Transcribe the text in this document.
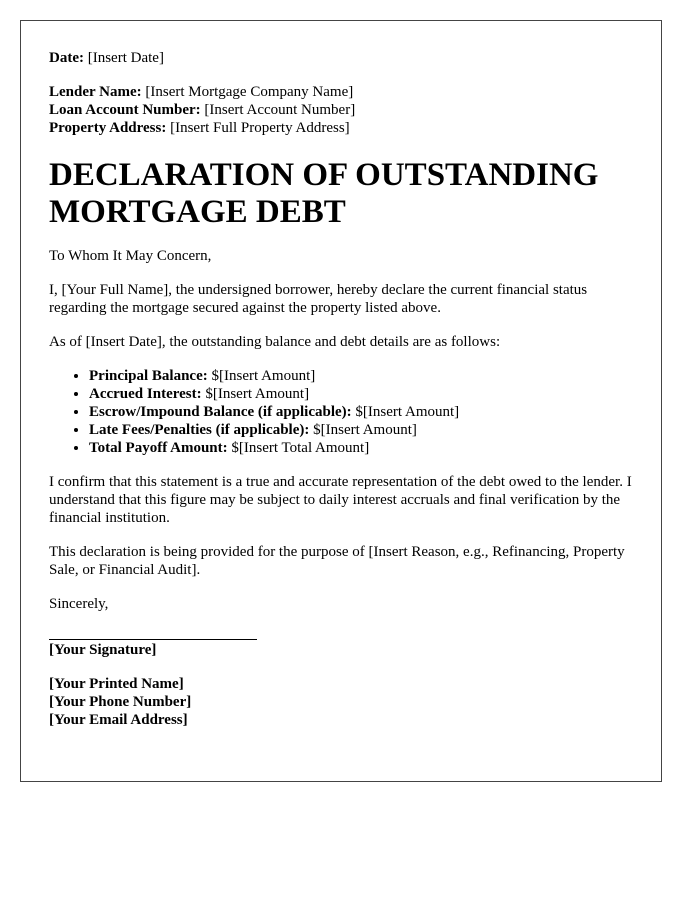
Date: [Insert Date]
Lender Name: [Insert Mortgage Company Name]
Loan Account Number: [Insert Account Number]
Property Address: [Insert Full Property Address]
DECLARATION OF OUTSTANDING MORTGAGE DEBT

To Whom It May Concern,

I, [Your Full Name], the undersigned borrower, hereby declare the current financial status regarding the mortgage secured against the property listed above.

As of [Insert Date], the outstanding balance and debt details are as follows:

• Principal Balance: $[Insert Amount]
• Accrued Interest: $[Insert Amount]
• Escrow/Impound Balance (if applicable): $[Insert Amount]
• Late Fees/Penalties (if applicable): $[Insert Amount]
• Total Payoff Amount: $[Insert Total Amount]

I confirm that this statement is a true and accurate representation of the debt owed to the lender. I understand that this figure may be subject to daily interest accruals and final verification by the financial institution.

This declaration is being provided for the purpose of [Insert Reason, e.g., Refinancing, Property Sale, or Financial Audit].

Sincerely,
[Your Signature]
[Your Printed Name]
[Your Phone Number]
[Your Email Address]
